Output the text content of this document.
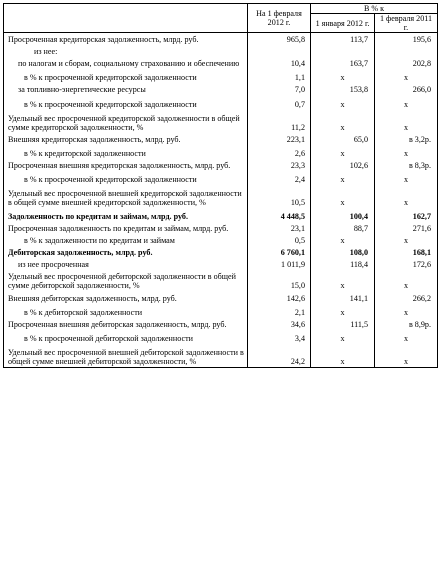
	На 1 февраля 2012 г.	В % к	
		1 января 2012 г.	1 февраля 2011 г.
Просроченная кредиторская задолженность, млрд. руб.	965,8	113,7	195,6
из нее:			
по налогам и сборам, социальному страхованию и обеспечению	10,4	163,7	202,8
в % к просроченной кредиторской задолженности	1,1	x	x
за топливно-энергетические ресурсы	7,0	153,8	266,0
в % к просроченной кредиторской задолженности	0,7	x	x
Удельный вес просроченной кредиторской задолженности в общей сумме кредиторской задолженности, %	11,2	x	x
Внешняя кредиторская задолженность, млрд. руб.	223,1	65,0	в 3,2р.
в % к кредиторской задолженности	2,6	x	x
Просроченная внешняя кредиторская задолженность, млрд. руб.	23,3	102,6	в 8,3р.
в % к просроченной кредиторской задолженности	2,4	x	x
Удельный вес просроченной внешней кредиторской задолженности в общей сумме внешней кредиторской задолженности, %	10,5	x	x
Задолженность по кредитам и займам, млрд. руб.	4 448,5	100,4	162,7
Просроченная задолженность по кредитам и займам, млрд. руб.	23,1	88,7	271,6
в % к задолженности по кредитам и займам	0,5	x	x
Дебиторская задолженность, млрд. руб.	6 760,1	108,0	168,1
из нее просроченная	1 011,9	118,4	172,6
Удельный вес просроченной дебиторской задолженности в общей сумме дебиторской задолженности, %	15,0	x	x
Внешняя дебиторская задолженность, млрд. руб.	142,6	141,1	266,2
в % к дебиторской задолженности	2,1	x	x
Просроченная внешняя дебиторская задолженность, млрд. руб.	34,6	111,5	в 8,9р.
в % к просроченной дебиторской задолженности	3,4	x	x
Удельный вес просроченной внешней дебиторской задолженности в общей сумме внешней дебиторской задолженности, %	24,2	x	x
